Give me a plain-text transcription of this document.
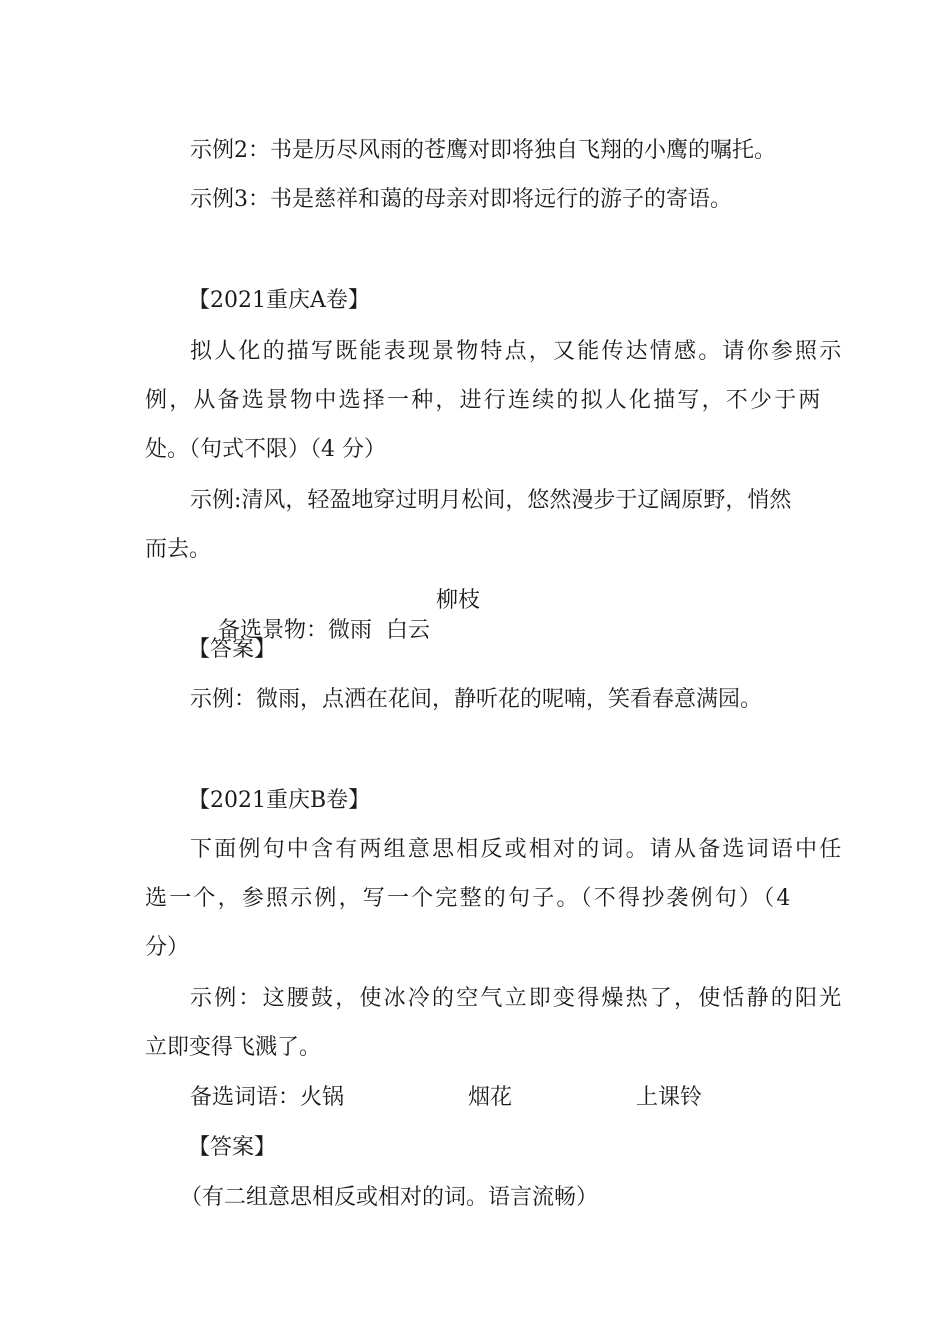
示例2：书是历尽风雨的苍鹰对即将独自飞翔的小鹰的嘱托。
示例3：书是慈祥和蔼的母亲对即将远行的游子的寄语。
【2021重庆A卷】
拟人化的描写既能表现景物特点，又能传达情感。请你参照示
例，从备选景物中选择一种，进行连续的拟人化描写，不少于两
处。（句式不限）（4 分）
示例:清风，轻盈地穿过明月松间，悠然漫步于辽阔原野，悄然
而去。

备选景物：微雨  白云

柳枝
【答案】
示例：微雨，点洒在花间，静听花的呢喃，笑看春意满园。
【2021重庆B卷】
下面例句中含有两组意思相反或相对的词。请从备选词语中任
选一个，参照示例，写一个完整的句子。（不得抄袭例句）（4
分）
示例：这腰鼓，使冰冷的空气立即变得燥热了，使恬静的阳光
立即变得飞溅了。
备选词语：火锅	烟花	上课铃
【答案】
（有二组意思相反或相对的词。语言流畅）
